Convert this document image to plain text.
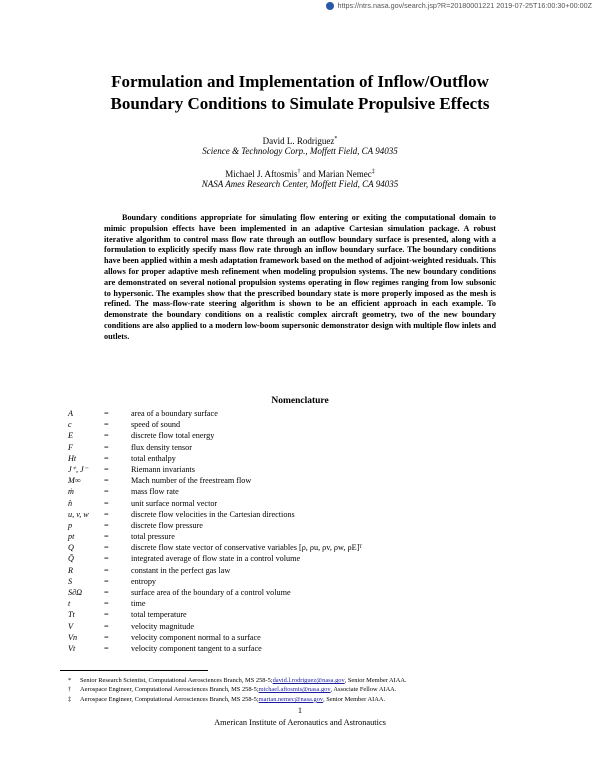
https://ntrs.nasa.gov/search.jsp?R=20180001221 2019-07-25T16:00:30+00:00Z
Formulation and Implementation of Inflow/Outflow
Boundary Conditions to Simulate Propulsive Effects
David L. Rodriguez*
Science & Technology Corp., Moffett Field, CA 94035
Michael J. Aftosmis† and Marian Nemec‡
NASA Ames Research Center, Moffett Field, CA 94035

Boundary conditions appropriate for simulating flow entering or exiting the computational domain to mimic propulsion effects have been implemented in an adaptive Cartesian simulation package. A robust iterative algorithm to control mass flow rate through an outflow boundary surface is presented, along with a formulation to explicitly specify mass flow rate through an inflow boundary surface. The boundary conditions have been applied within a mesh adaptation framework based on the method of adjoint-weighted residuals. This allows for proper adaptive mesh refinement when modeling propulsion systems. The new boundary conditions are demonstrated on several notional propulsion systems operating in flow regimes ranging from low subsonic to hypersonic. The examples show that the prescribed boundary state is more properly imposed as the mesh is refined. The mass-flow-rate steering algorithm is shown to be an efficient approach in each example. To demonstrate the boundary conditions on a realistic complex aircraft geometry, two of the new boundary conditions are also applied to a modern low-boom supersonic demonstrator design with multiple flow inlets and outlets.

Nomenclature
A	=	area of a boundary surface
c	=	speed of sound
E	=	discrete flow total energy
F	=	flux density tensor
Ht	=	total enthalpy
J⁺, J⁻	=	Riemann invariants
M∞	=	Mach number of the freestream flow
ṁ	=	mass flow rate
n̂	=	unit surface normal vector
u, v, w	=	discrete flow velocities in the Cartesian directions
p	=	discrete flow pressure
pt	=	total pressure
Q	=	discrete flow state vector of conservative variables [ρ, ρu, ρv, ρw, ρE]ᵀ
Q̄	=	integrated average of flow state in a control volume
R	=	constant in the perfect gas law
S	=	entropy
S∂Ω	=	surface area of the boundary of a control volume
t	=	time
Tt	=	total temperature
V	=	velocity magnitude
Vn	=	velocity component normal to a surface
Vt	=	velocity component tangent to a surface
*	Senior Research Scientist, Computational Aerosciences Branch, MS 258-5; david.l.rodriguez@nasa.gov , Senior Member AIAA.
†	Aerospace Engineer, Computational Aerosciences Branch, MS 258-5; michael.aftosmis@nasa.gov , Associate Fellow AIAA.
‡	Aerospace Engineer, Computational Aerosciences Branch, MS 258-5; marian.nemec@nasa.gov , Senior Member AIAA.
1
American Institute of Aeronautics and Astronautics
